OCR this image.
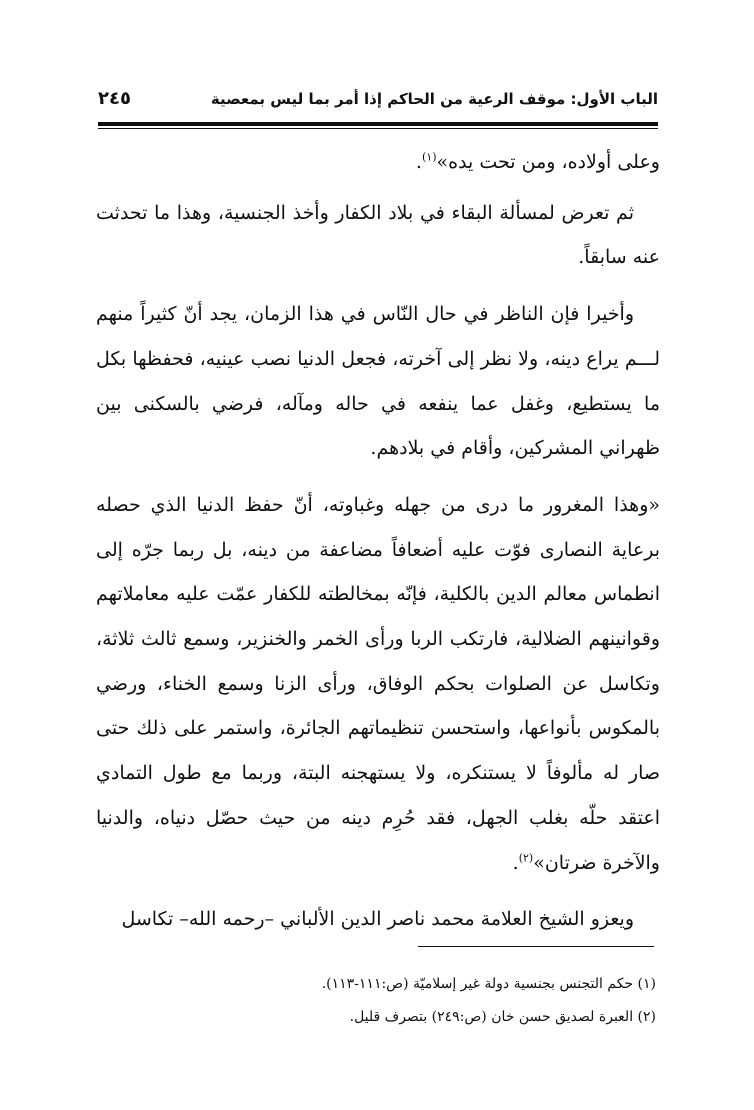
الباب الأول: موقف الرعية من الحاكم إذا أمر بما ليس بمعصية
٢٤٥

وعلى أولاده، ومن تحت يده»$^{(١)}$.

ثم تعرض لمسألة البقاء في بلاد الكفار وأخذ الجنسية، وهذا ما تحدثت عنه سابقاً.

وأخيرا فإن الناظر في حال النّاس في هذا الزمان، يجد أنّ كثيراً منهم لـــم يراع دينه، ولا نظر إلى آخرته، فجعل الدنيا نصب عينيه، فحفظها بكل ما يستطيع، وغفل عما ينفعه في حاله ومآله، فرضي بالسكنى بين ظهراني المشركين، وأقام في بلادهم.

«وهذا المغرور ما درى من جهله وغباوته، أنّ حفظ الدنيا الذي حصله برعاية النصارى فوّت عليه أضعافاً مضاعفة من دينه، بل ربما جرّه إلى انطماس معالم الدين بالكلية، فإنّه بمخالطته للكفار عمّت عليه معاملاتهم وقوانينهم الضلالية، فارتكب الربا ورأى الخمر والخنزير، وسمع ثالث ثلاثة، وتكاسل عن الصلوات بحكم الوفاق، ورأى الزنا وسمع الخناء، ورضي بالمكوس بأنواعها، واستحسن تنظيماتهم الجائرة، واستمر على ذلك حتى صار له مألوفاً لا يستنكره، ولا يستهجنه البتة، وربما مع طول التمادي اعتقد حلّه بغلب الجهل، فقد حُرِم دينه من حيث حصّل دنياه، والدنيا والآخرة ضرتان»$^{(٢)}$.

ويعزو الشيخ العلامة محمد ناصر الدين الألباني –رحمه الله– تكاسل

(١) حكم التجنس بجنسية دولة غير إسلاميّة (ص:١١١-١١٣).

(٢) العبرة لصديق حسن خان (ص:٢٤٩) بتصرف قليل.
